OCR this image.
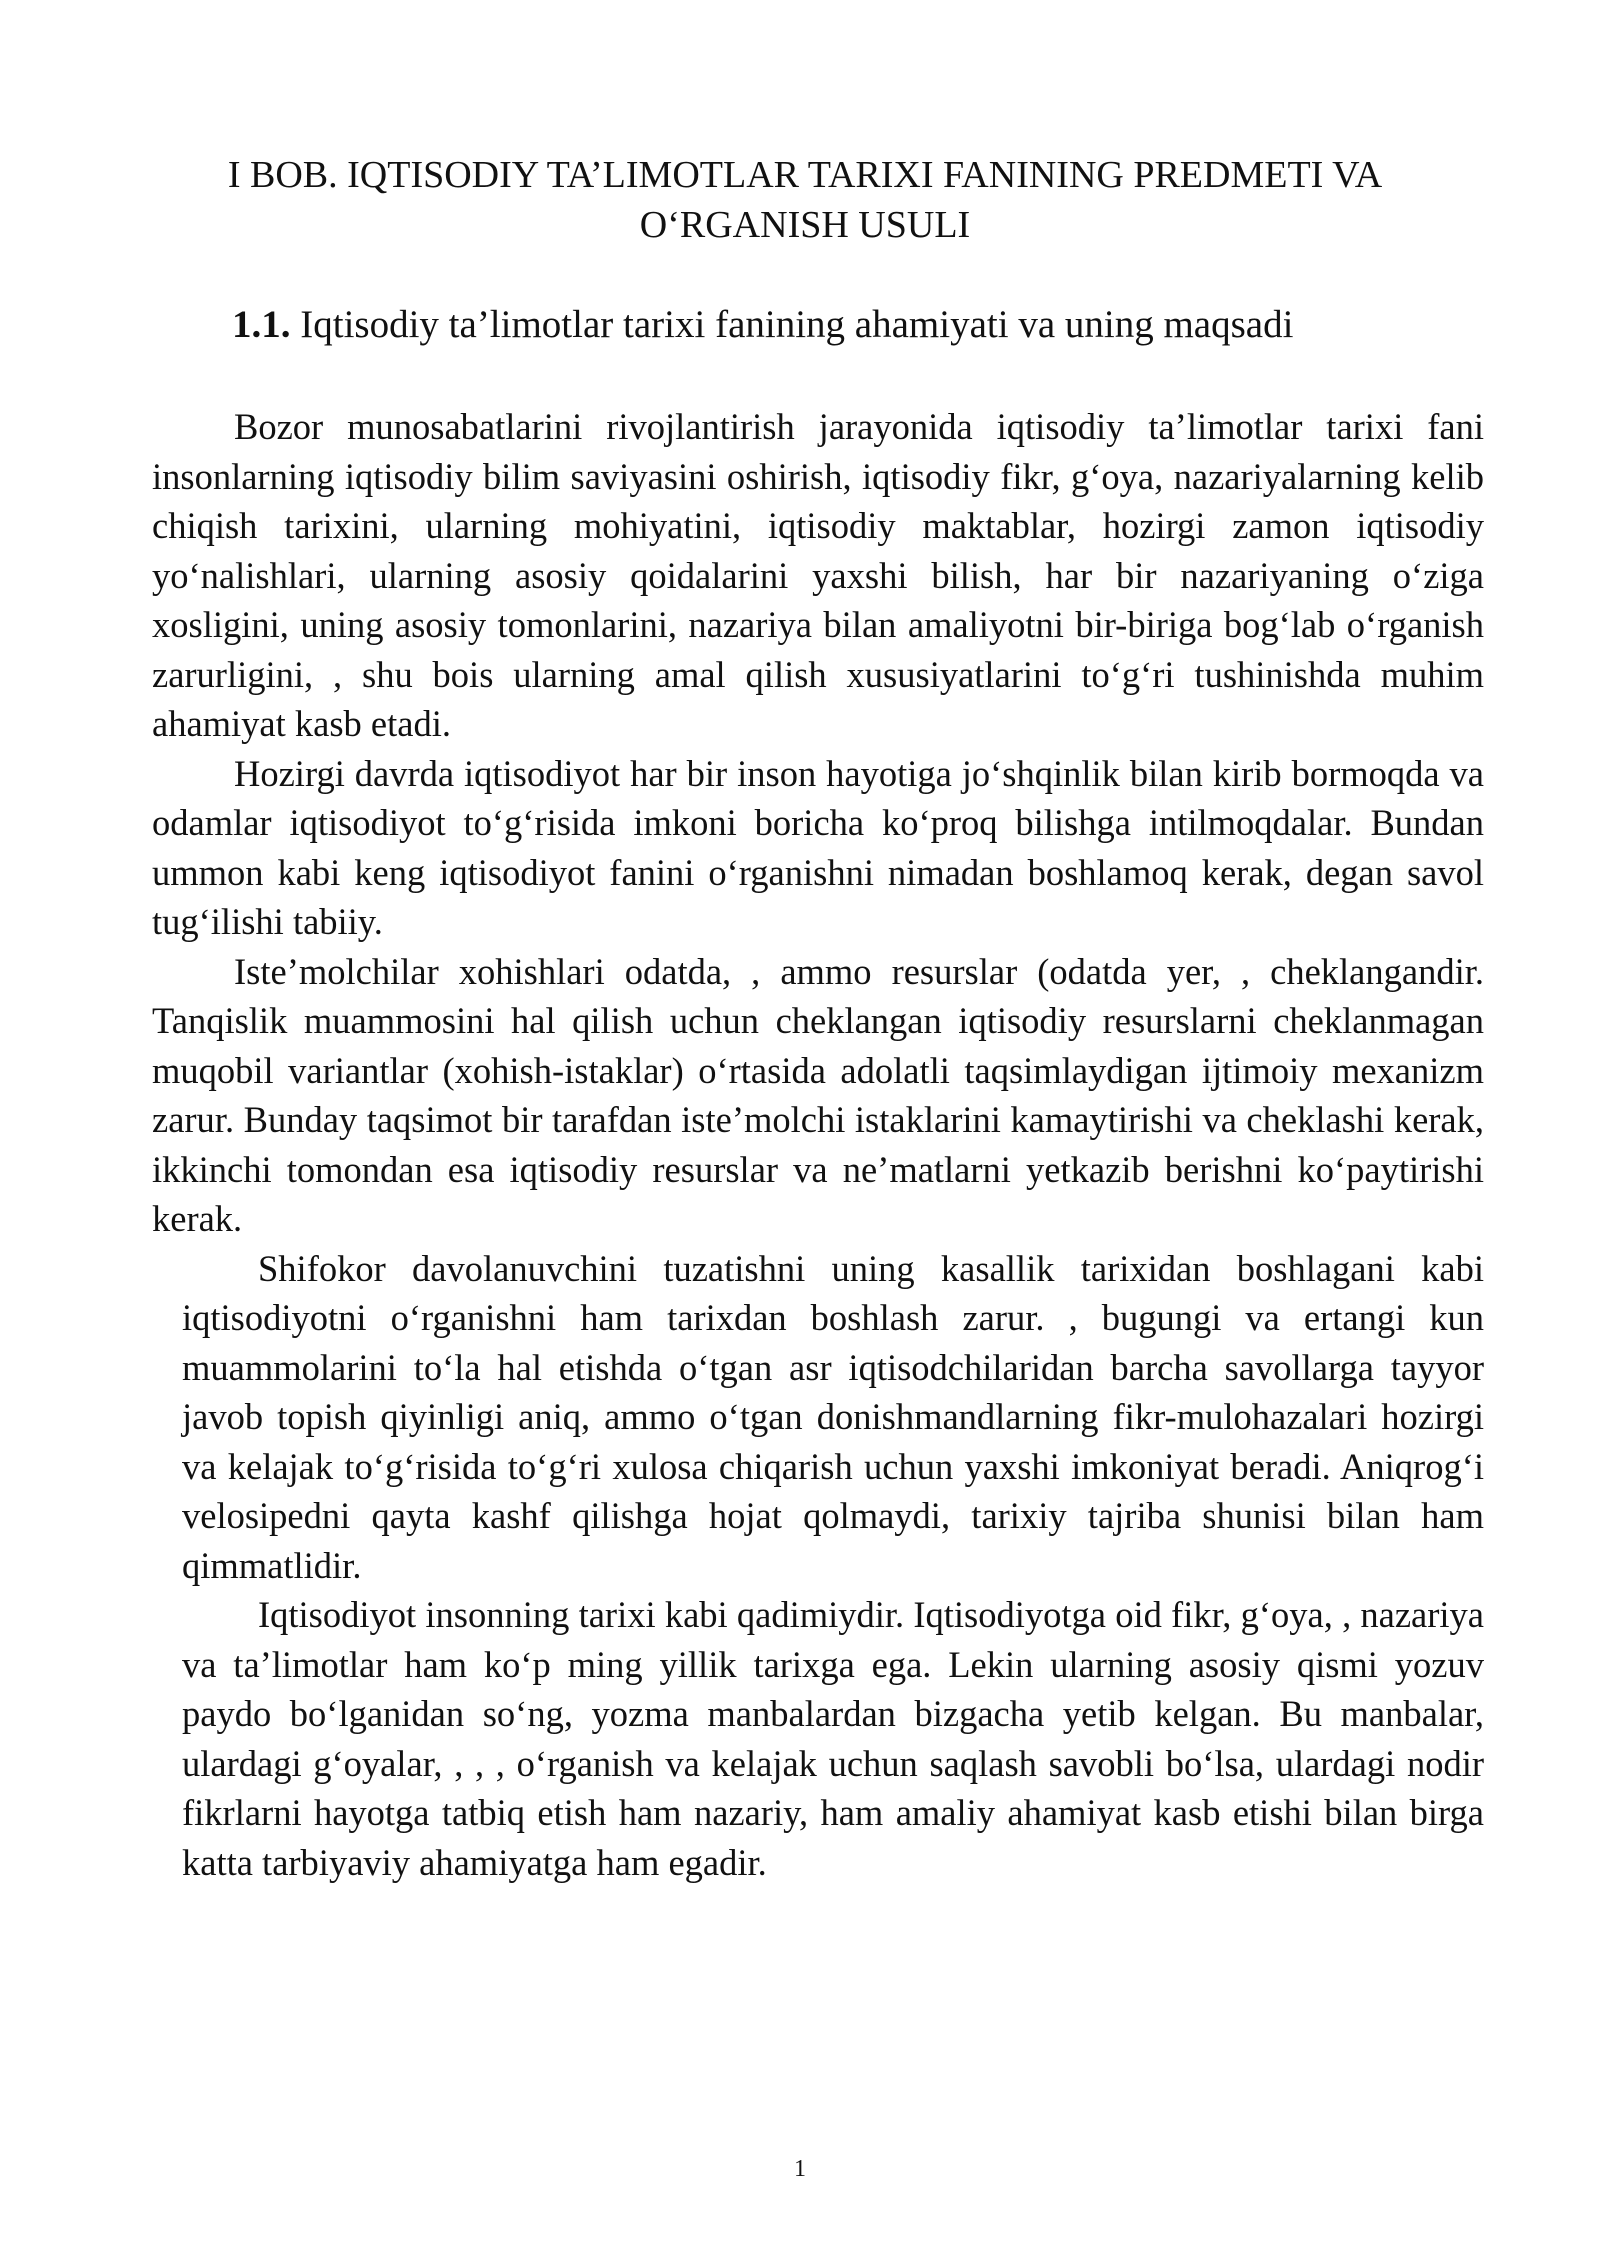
I BOB. IQTISODIY TA’LIMOTLAR TARIXI FANINING PREDMETI VA O‘RGANISH USULI
1.1. Iqtisodiy ta’limotlar tarixi fanining ahamiyati va uning maqsadi

Bozor munosabatlarini rivojlantirish jarayonida iqtisodiy ta’limotlar tarixi fani insonlarning iqtisodiy bilim saviyasini oshirish, iqtisodiy fikr, g‘oya, nazariyalarning kelib chiqish tarixini, ularning mohiyatini, iqtisodiy maktablar, hozirgi zamon iqtisodiy yo‘nalishlari, ularning asosiy qoidalarini yaxshi bilish, har bir nazariyaning o‘ziga xosligini, uning asosiy tomonlarini, nazariya bilan amaliyotni bir-biriga bog‘lab o‘rganish zarurligini, , shu bois ularning amal qilish xususiyatlarini to‘g‘ri tushinishda muhim ahamiyat kasb etadi.

Hozirgi davrda iqtisodiyot har bir inson hayotiga jo‘shqinlik bilan kirib bormoqda va odamlar iqtisodiyot to‘g‘risida imkoni boricha ko‘proq bilishga intilmoqdalar. Bundan ummon kabi keng iqtisodiyot fanini o‘rganishni nimadan boshlamoq kerak, degan savol tug‘ilishi tabiiy.

Iste’molchilar xohishlari odatda, , ammo resurslar (odatda yer, , cheklangandir. Tanqislik muammosini hal qilish uchun cheklangan iqtisodiy resurslarni cheklanmagan muqobil variantlar (xohish-istaklar) o‘rtasida adolatli taqsimlaydigan ijtimoiy mexanizm zarur. Bunday taqsimot bir tarafdan iste’molchi istaklarini kamaytirishi va cheklashi kerak, ikkinchi tomondan esa iqtisodiy resurslar va ne’matlarni yetkazib berishni ko‘paytirishi kerak.

Shifokor davolanuvchini tuzatishni uning kasallik tarixidan boshlagani kabi iqtisodiyotni o‘rganishni ham tarixdan boshlash zarur. , bugungi va ertangi kun muammolarini to‘la hal etishda o‘tgan asr iqtisodchilaridan barcha savollarga tayyor javob topish qiyinligi aniq, ammo o‘tgan donishmandlarning fikr-mulohazalari hozirgi va kelajak to‘g‘risida to‘g‘ri xulosa chiqarish uchun yaxshi imkoniyat beradi. Aniqrog‘i velosipedni qayta kashf qilishga hojat qolmaydi, tarixiy tajriba shunisi bilan ham qimmatlidir.

Iqtisodiyot insonning tarixi kabi qadimiydir. Iqtisodiyotga oid fikr, g‘oya, , nazariya va ta’limotlar ham ko‘p ming yillik tarixga ega. Lekin ularning asosiy qismi yozuv paydo bo‘lganidan so‘ng, yozma manbalardan bizgacha yetib kelgan. Bu manbalar, ulardagi g‘oyalar, , , , o‘rganish va kelajak uchun saqlash savobli bo‘lsa, ulardagi nodir fikrlarni hayotga tatbiq etish ham nazariy, ham amaliy ahamiyat kasb etishi bilan birga katta tarbiyaviy ahamiyatga ham egadir.

1
